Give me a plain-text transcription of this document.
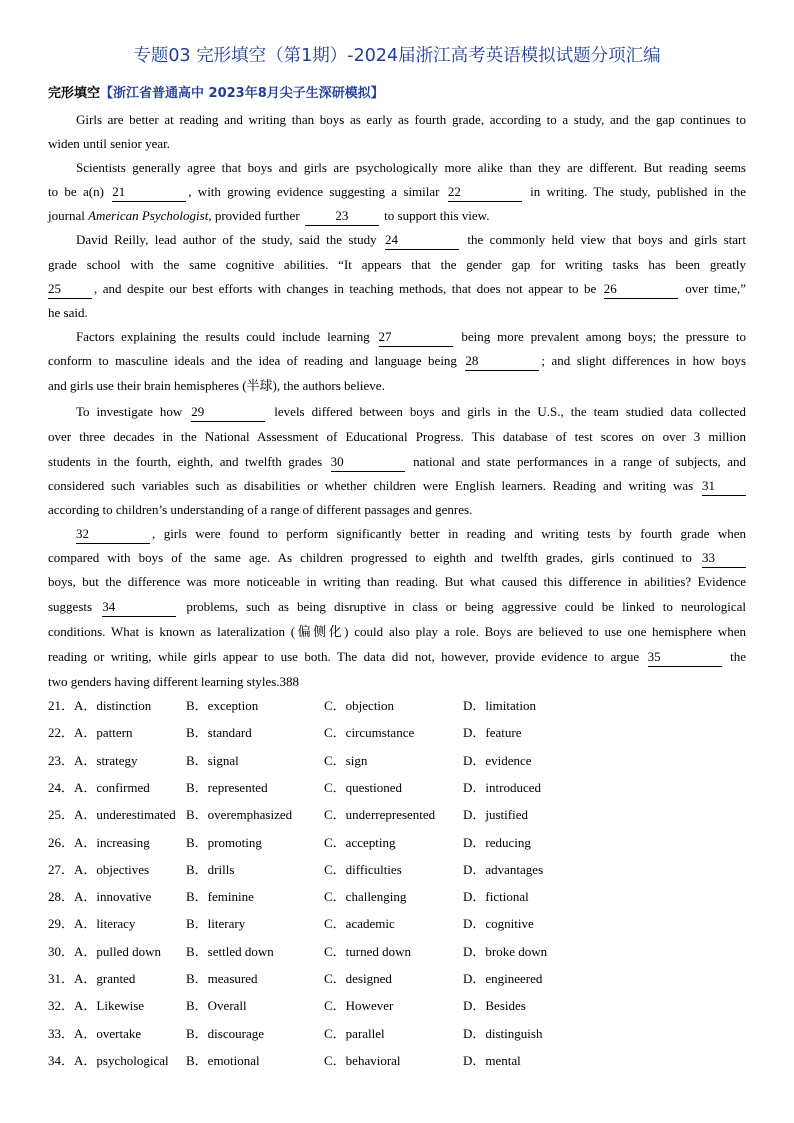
专题03 完形填空（第1期）-2024届浙江高考英语模拟试题分项汇编
完形填空【浙江省普通高中 2023年8月尖子生深研模拟】
Girls are better at reading and writing than boys as early as fourth grade, according to a study, and the gap continues to
widen until senior year.
Scientists generally agree that boys and girls are psychologically more alike than they are different. But reading seems
to be a(n) 21	, with growing evidence suggesting a similar 22	in writing. The study, published in the
journal American Psychologist, provided further	23	to support this view.
David Reilly, lead author of the study, said the study 24	the commonly held view that boys and girls start
grade school with the same cognitive abilities. “It appears that the gender gap for writing tasks has been greatly
25	, and despite our best efforts with changes in teaching methods, that does not appear to be 26	over time,”
he said.
Factors explaining the results could include learning 27	being more prevalent among boys; the pressure to
conform to masculine ideals and the idea of reading and language being 28	; and slight differences in how boys
and girls use their brain hemispheres (半球), the authors believe.
To investigate how 29	levels differed between boys and girls in the U.S., the team studied data collected
over three decades in the National Assessment of Educational Progress. This database of test scores on over 3 million
students in the fourth, eighth, and twelfth grades 30	national and state performances in a range of subjects, and
considered such variables such as disabilities or whether children were English learners. Reading and writing was 31
according to children’s understanding of a range of different passages and genres.
32	, girls were found to perform significantly better in reading and writing tests by fourth grade when
compared with boys of the same age. As children progressed to eighth and twelfth grades, girls continued to 33
boys, but the difference was more noticeable in writing than reading. But what caused this difference in abilities? Evidence
suggests 34	problems, such as being disruptive in class or being aggressive could be linked to neurological
conditions. What is known as lateralization (偏侧化) could also play a role. Boys are believed to use one hemisphere when
reading or writing, while girls appear to use both. The data did not, however, provide evidence to argue 35	the
two genders having different learning styles.388
21． A．distinction	B．exception	C．objection	D．limitation
22． A．pattern	B．standard	C．circumstance	D．feature
23． A．strategy	B．signal	C．sign	D．evidence
24． A．confirmed	B．represented	C．questioned	D．introduced
25． A．underestimated B．overemphasized C．underrepresented D．justified
26． A．increasing	B．promoting	C．accepting	D．reducing
27． A．objectives	B．drills	C．difficulties	D．advantages
28． A．innovative	B．feminine	C．challenging	D．fictional
29． A．literacy	B．literary	C．academic	D．cognitive
30． A．pulled down B．settled down	C．turned down	D．broke down
31． A．granted	B．measured	C．designed	D．engineered
32． A．Likewise	B．Overall	C．However	D．Besides
33． A．overtake	B．discourage	C．parallel	D．distinguish
34． A．psychological B．emotional	C．behavioral	D．mental
